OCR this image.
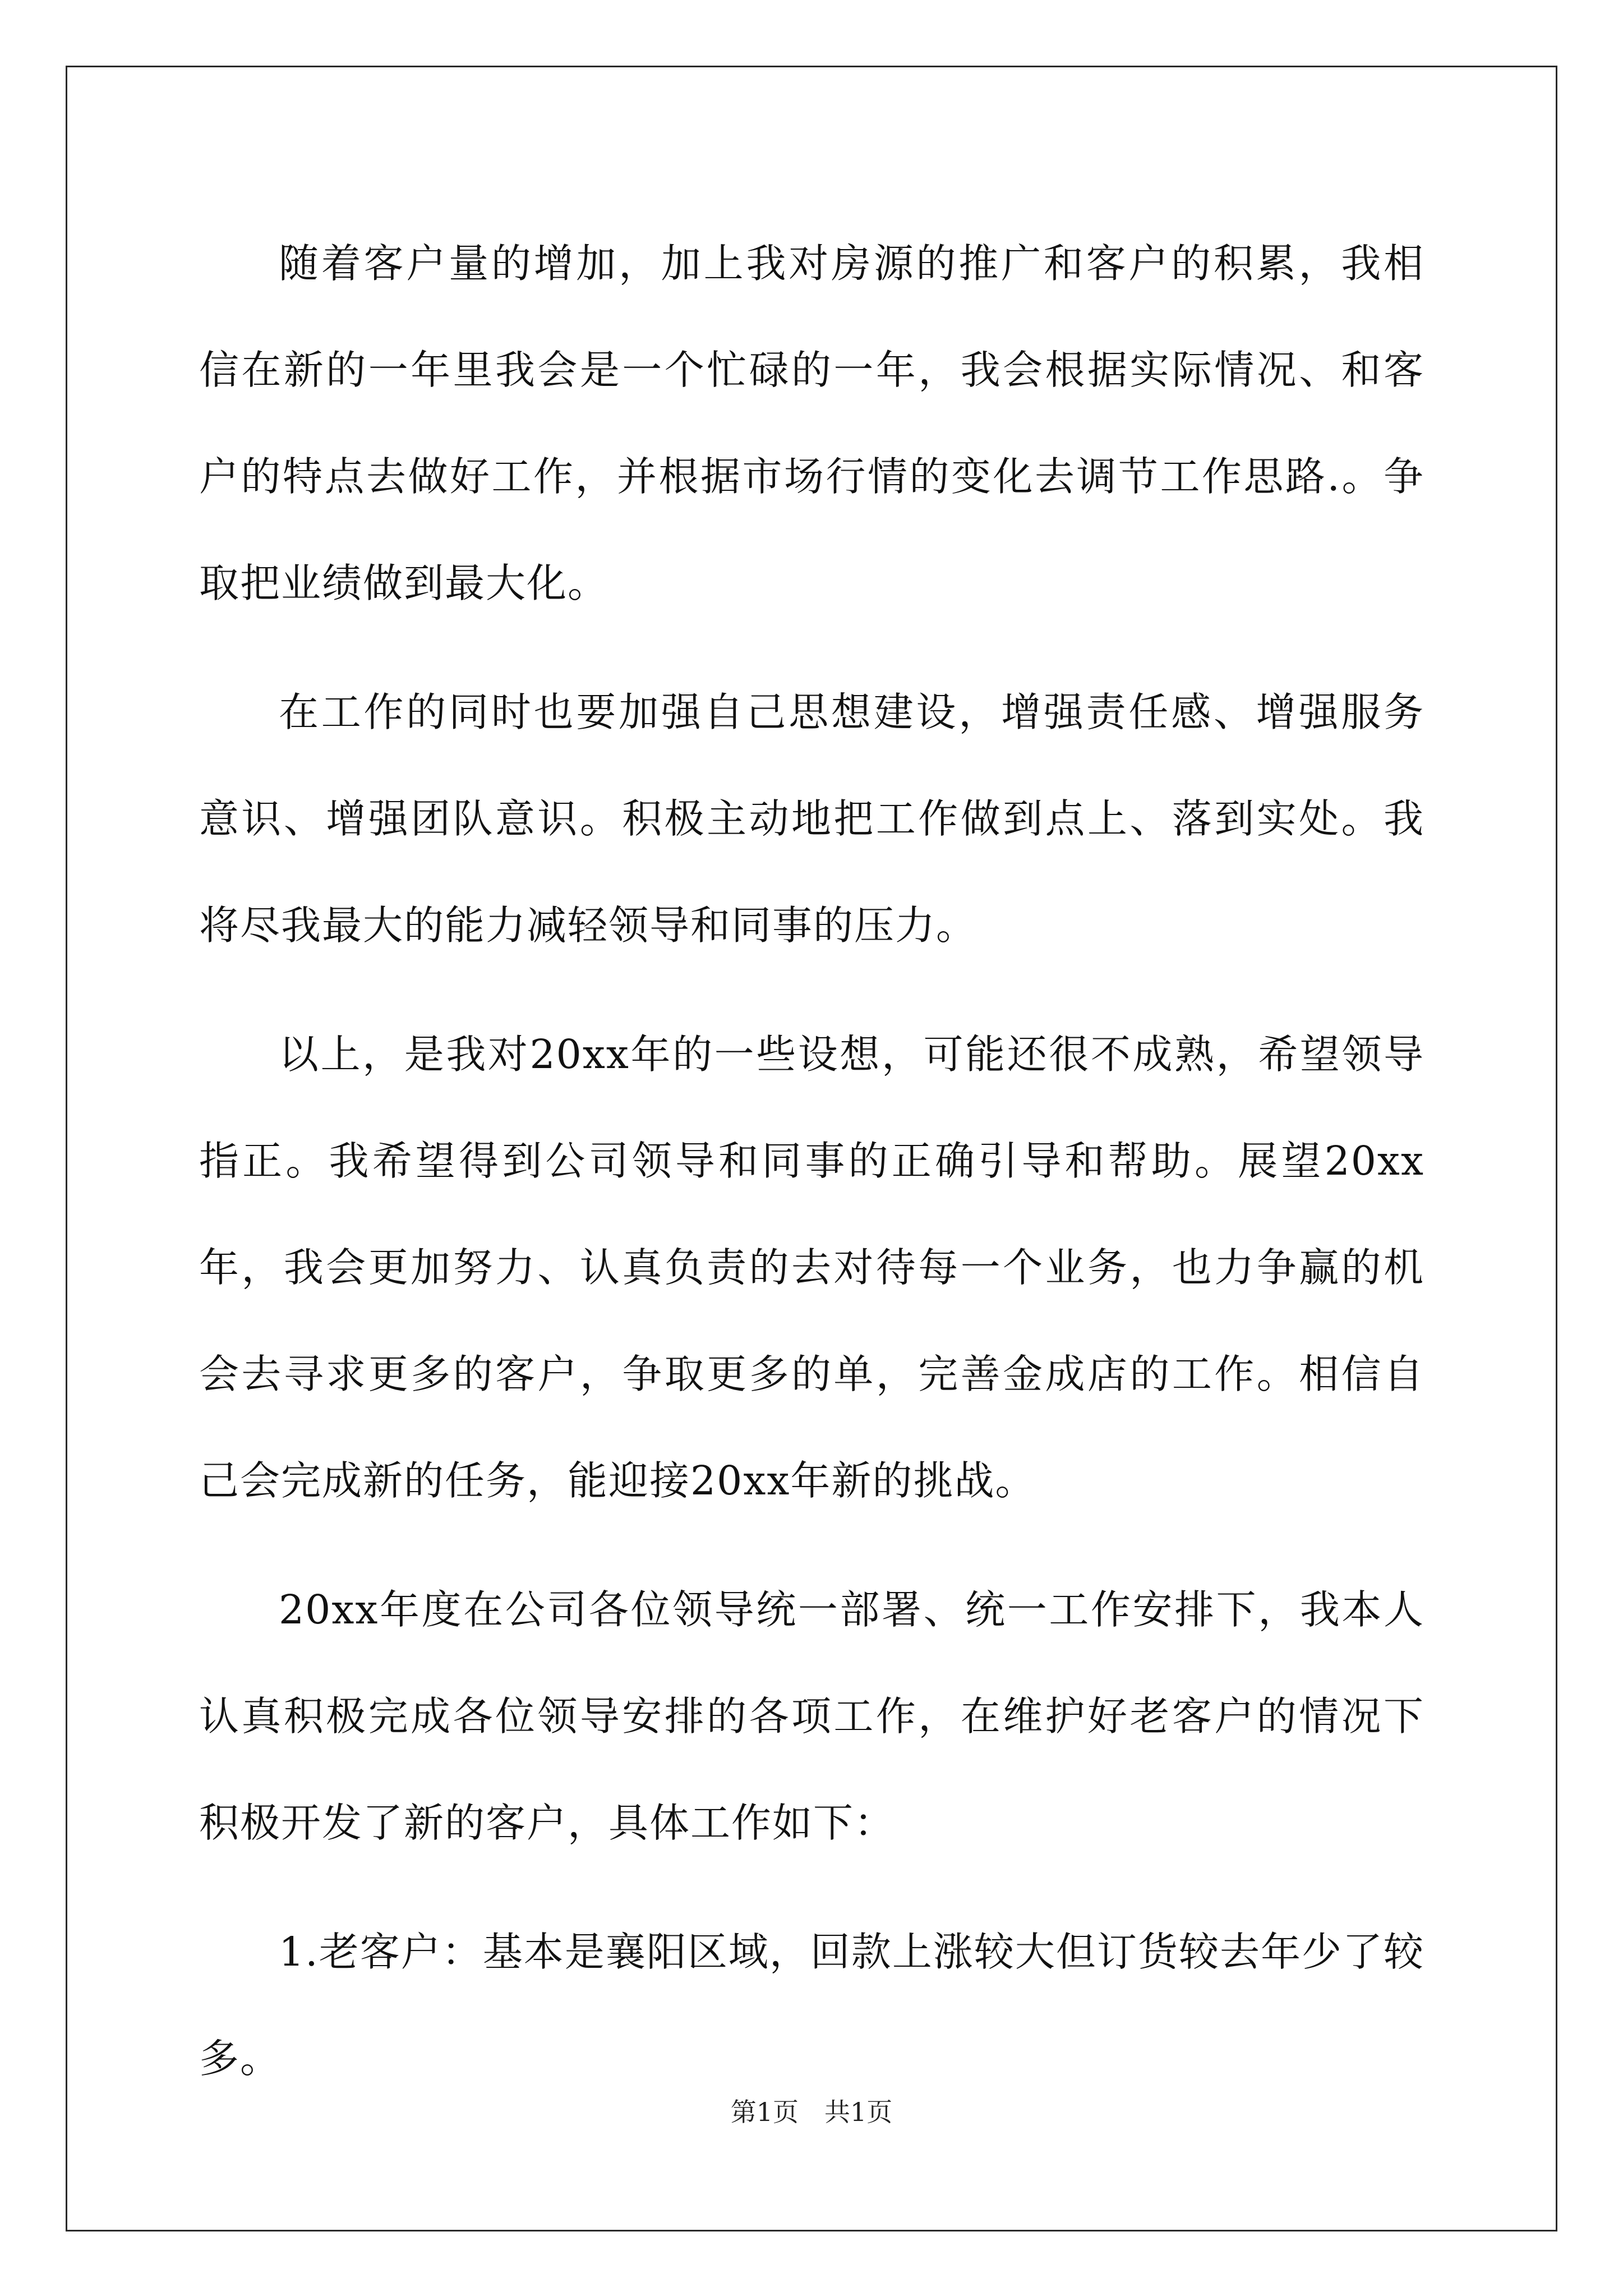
随着客户量的增加，加上我对房源的推广和客户的积累，我相信在新的一年里我会是一个忙碌的一年，我会根据实际情况、和客户的特点去做好工作，并根据市场行情的变化去调节工作思路.。争取把业绩做到最大化。

在工作的同时也要加强自己思想建设，增强责任感、增强服务意识、增强团队意识。积极主动地把工作做到点上、落到实处。我将尽我最大的能力减轻领导和同事的压力。

以上，是我对20xx年的一些设想，可能还很不成熟，希望领导指正。我希望得到公司领导和同事的正确引导和帮助。展望20xx年，我会更加努力、认真负责的去对待每一个业务，也力争赢的机会去寻求更多的客户，争取更多的单，完善金成店的工作。相信自己会完成新的任务，能迎接20xx年新的挑战。

20xx年度在公司各位领导统一部署、统一工作安排下，我本人认真积极完成各位领导安排的各项工作，在维护好老客户的情况下积极开发了新的客户，具体工作如下：

1.老客户：基本是襄阳区域，回款上涨较大但订货较去年少了较多。

第1页　共1页
